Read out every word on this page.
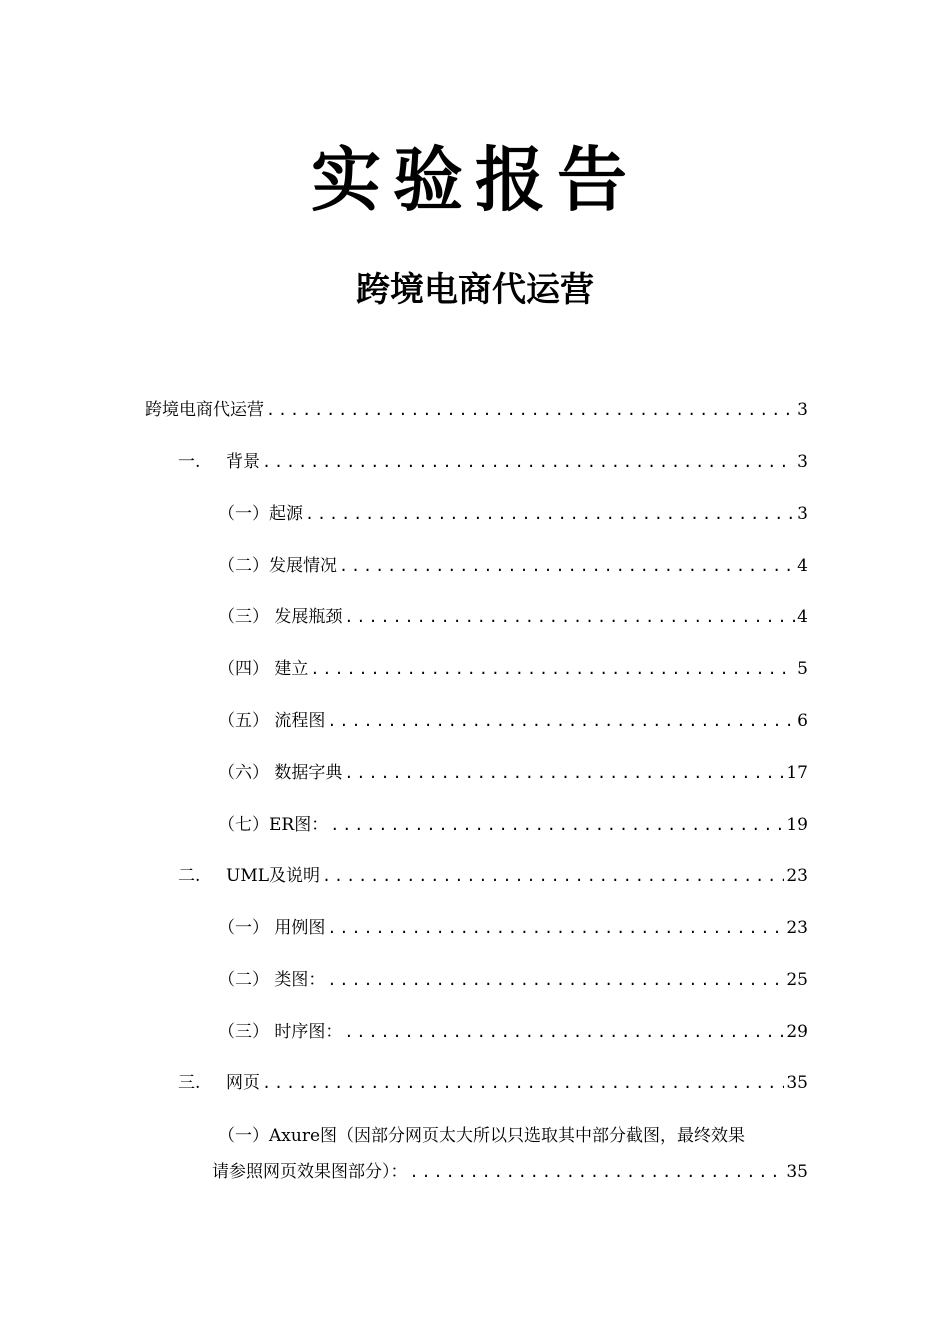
实验报告
跨境电商代运营
跨境电商代运营 .....	3
一.	背景 .....	3
（一）起源 .....	3
（二）发展情况 .....	4
（三） 发展瓶颈 .....	4
（四） 建立 .....	5
（五） 流程图 .....	6
（六） 数据字典 .....	17
（七）ER图： .....	19
二.	UML及说明 .....	23
（一） 用例图 .....	23
（二） 类图： .....	25
（三） 时序图： .....	29
三.	网页 .....	35
（一）Axure图（因部分网页太大所以只选取其中部分截图，最终效果
请参照网页效果图部分）： .....	35
